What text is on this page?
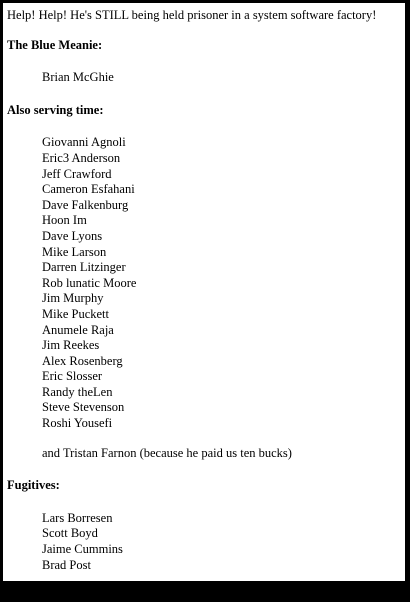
Help! Help! He's STILL being held prisoner in a system software factory!

The Blue Meanie:

Brian McGhie

Also serving time:

Giovanni Agnoli
Eric3 Anderson
Jeff Crawford
Cameron Esfahani
Dave Falkenburg
Hoon Im
Dave Lyons
Mike Larson
Darren Litzinger
Rob lunatic Moore
Jim Murphy
Mike Puckett
Anumele Raja
Jim Reekes
Alex Rosenberg
Eric Slosser
Randy theLen
Steve Stevenson
Roshi Yousefi
and Tristan Farnon (because he paid us ten bucks)

Fugitives:

Lars Borresen
Scott Boyd
Jaime Cummins
Brad Post
